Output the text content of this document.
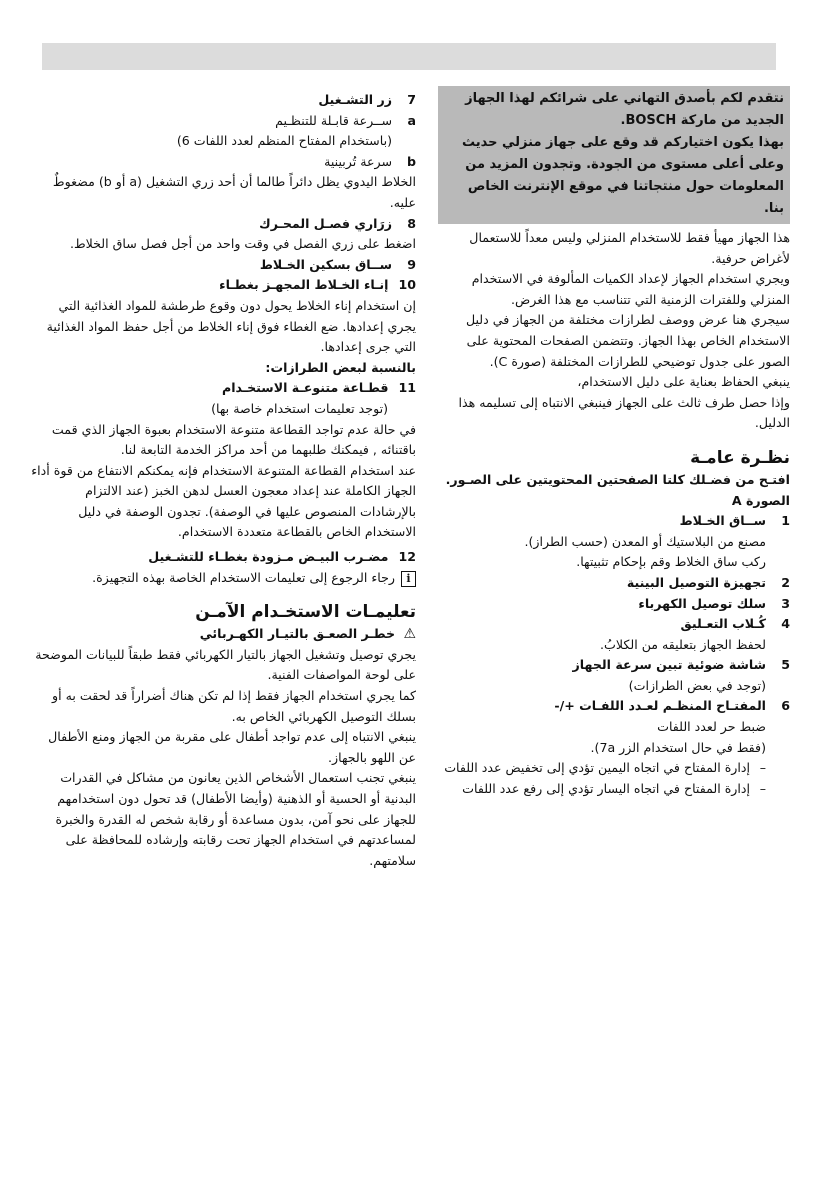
نتقدم لكم بأصدق التهاني على شرائكم لهذا الجهاز الجديد من ماركة BOSCH.

بهذا يكون اختياركم قد وقع على جهاز منزلي حديث وعلى أعلى مستوى من الجودة. وتجدون المزيد من المعلومات حول منتجاتنا في موقع الإنترنت الخاص بنا.

هذا الجهاز مهيأ فقط للاستخدام المنزلي وليس معداً للاستعمال لأغراض حرفية.

ويجري استخدام الجهاز لإعداد الكميات المألوفة في الاستخدام المنزلي وللفترات الزمنية التي تتناسب مع هذا الغرض.

سيجري هنا عرض ووصف لطرازات مختلفة من الجهاز في دليل الاستخدام الخاص بهذا الجهاز. وتتضمن الصفحات المحتوية على الصور على جدول توضيحي للطرازات المختلفة (صورة C).

ينبغي الحفاظ بعناية على دليل الاستخدام،

وإذا حصل طرف ثالث على الجهاز فينبغي الانتباه إلى تسليمه هذا الدليل.

نظـرة عامـة

افتـح من فضـلك كلتا الصفحتين المحتويتين على الصـور.

الصورة A

1
ســاق الخـلاط

مصنع من البلاستيك أو المعدن (حسب الطراز).

ركب ساق الخلاط وقم بإحكام تثبيتها.

2
تجهيزة التوصيل البينية
3
سلك توصيل الكهرباء
4
كُـلاب التعـليق

لحفظ الجهاز بتعليقه من الكلابُ.

5
شاشة ضوئية تبين سرعة الجهاز

(توجد في بعض الطرازات)

6
المفتـاح المنظـم لعـدد اللفـات +/-

ضبط حر لعدد اللفات

(فقط في حال استخدام الزر 7a).

–
إدارة المفتاح في اتجاه اليمين تؤدي إلى تخفيض عدد اللفات
–
إدارة المفتاح في اتجاه اليسار تؤدي إلى رفع عدد اللفات
7
زر التشـغيل
a
ســرعة قابـلة للتنظـيم

(باستخدام المفتاح المنظم لعدد اللفات 6)

b
سرعة تُربينية

الخلاط اليدوي يظل دائراً طالما أن أحد زري التشغيل (a أو b) مضغوطٌ عليه.

8
زرَاري فصـل المحـرك

اضغط على زري الفصل في وقت واحد من أجل فصل ساق الخلاط.

9
ســاق بسكين الخـلاط
10
إنـاء الخـلاط المجهـز بغطـاء

إن استخدام إناء الخلاط يحول دون وقوع طرطشة للمواد الغذائية التي يجري إعدادها. ضع الغطاء فوق إناء الخلاط من أجل حفظ المواد الغذائية التي جرى إعدادها.

بالنسبة لبعض الطرازات:

11
قطـاعة متنوعـة الاستخـدام

(توجد تعليمات استخدام خاصة بها)

في حالة عدم تواجد القطاعة متنوعة الاستخدام بعبوة الجهاز الذي قمت باقتنائه , فيمكنك طلبهما من أحد مراكز الخدمة التابعة لنا.

عند استخدام القطاعة المتنوعة الاستخدام فإنه يمكنكم الانتفاع من قوة أداء الجهاز الكاملة عند إعداد معجون العسل لدهن الخبز (عند الالتزام بالإرشادات المنصوص عليها في الوصفة). تجدون الوصفة في دليل الاستخدام الخاص بالقطاعة متعددة الاستخدام.

12
مضـرب البيـض مـزودة بغطـاء للتشـغيل
i
رجاء الرجوع إلى تعليمات الاستخدام الخاصة بهذه التجهيزة.
تعليمـات الاستخـدام الآمـن
⚠ خطـر الصعـق بالتيـار الكهـربائي

يجري توصيل وتشغيل الجهاز بالتيار الكهربائي فقط طبقاً للبيانات الموضحة على لوحة المواصفات الفنية.

كما يجري استخدام الجهاز فقط إذا لم تكن هناك أضراراً قد لحقت به أو بسلك التوصيل الكهربائي الخاص به.

ينبغي الانتباه إلى عدم تواجد أطفال على مقربة من الجهاز ومنع الأطفال عن اللهو بالجهاز.

ينبغي تجنب استعمال الأشخاص الذين يعانون من مشاكل في القدرات البدنية أو الحسية أو الذهنية (وأيضا الأطفال) قد تحول دون استخدامهم للجهاز على نحو آمن، بدون مساعدة أو رقابة شخص له القدرة والخبرة لمساعدتهم في استخدام الجهاز تحت رقابته وإرشاده للمحافظة على سلامتهم.
